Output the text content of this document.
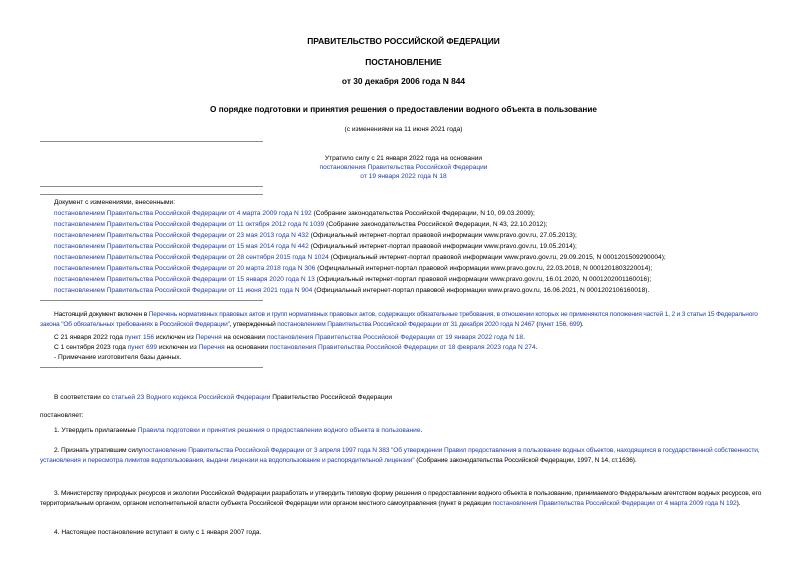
ПРАВИТЕЛЬСТВО РОССИЙСКОЙ ФЕДЕРАЦИИ
ПОСТАНОВЛЕНИЕ
от 30 декабря 2006 года N 844
О порядке подготовки и принятия решения о предоставлении водного объекта в пользование
(с изменениями на 11 июня 2021 года)
Утратило силу с 21 января 2022 года на основании
постановления Правительства Российской Федерации
от 19 января 2022 года N 18
Документ с изменениями, внесенными:
постановлением Правительства Российской Федерации от 4 марта 2009 года N 192 (Собрание законодательства Российской Федерации, N 10, 09.03.2009);
постановлением Правительства Российской Федерации от 11 октября 2012 года N 1039 (Собрание законодательства Российской Федерации, N 43, 22.10.2012);
постановлением Правительства Российской Федерации от 23 мая 2013 года N 432 (Официальный интернет-портал правовой информации www.pravo.gov.ru, 27.05.2013);
постановлением Правительства Российской Федерации от 15 мая 2014 года N 442 (Официальный интернет-портал правовой информации www.pravo.gov.ru, 19.05.2014);
постановлением Правительства Российской Федерации от 28 сентября 2015 года N 1024 (Официальный интернет-портал правовой информации www.pravo.gov.ru, 29.09.2015, N 0001201509290004);
постановлением Правительства Российской Федерации от 20 марта 2018 года N 306 (Официальный интернет-портал правовой информации www.pravo.gov.ru, 22.03.2018, N 0001201803220014);
постановлением Правительства Российской Федерации от 15 января 2020 года N 13 (Официальный интернет-портал правовой информации www.pravo.gov.ru, 16.01.2020, N 0001202001160016);
постановлением Правительства Российской Федерации от 11 июня 2021 года N 904 (Официальный интернет-портал правовой информации www.pravo.gov.ru, 16.06.2021, N 0001202106160018).
Настоящий документ включен в Перечень нормативных правовых актов и групп нормативных правовых актов, содержащих обязательные требования, в отношении которых не применяются положения частей 1, 2 и 3 статьи 15 Федерального закона "Об обязательных требованиях в Российской Федерации", утвержденный постановлением Правительства Российской Федерации от 31 декабря 2020 года N 2467 (пункт 156, 699).
С 21 января 2022 года пункт 156 исключен из Перечня на основании постановления Правительства Российской Федерации от 19 января 2022 года N 18.
С 1 сентября 2023 года пункт 699 исключен из Перечня на основании постановления Правительства Российской Федерации от 18 февраля 2023 года N 274.
- Примечание изготовителя базы данных.
В соответствии со статьей 23 Водного кодекса Российской Федерации Правительство Российской Федерации
постановляет:
1. Утвердить прилагаемые Правила подготовки и принятия решения о предоставлении водного объекта в пользование.
2. Признать утратившим силупостановление Правительства Российской Федерации от 3 апреля 1997 года N 383 "Об утверждении Правил предоставления в пользование водных объектов, находящихся в государственной собственности, установления и пересмотра лимитов водопользования, выдачи лицензии на водопользование и распорядительной лицензии" (Собрание законодательства Российской Федерации, 1997, N 14, ст.1636).
3. Министерству природных ресурсов и экологии Российской Федерации разработать и утвердить типовую форму решения о предоставлении водного объекта в пользование, принимаемого Федеральным агентством водных ресурсов, его территориальным органом, органом исполнительной власти субъекта Российской Федерации или органом местного самоуправления (пункт в редакции постановления Правительства Российской Федерации от 4 марта 2009 года N 192).
4. Настоящее постановление вступает в силу с 1 января 2007 года.
